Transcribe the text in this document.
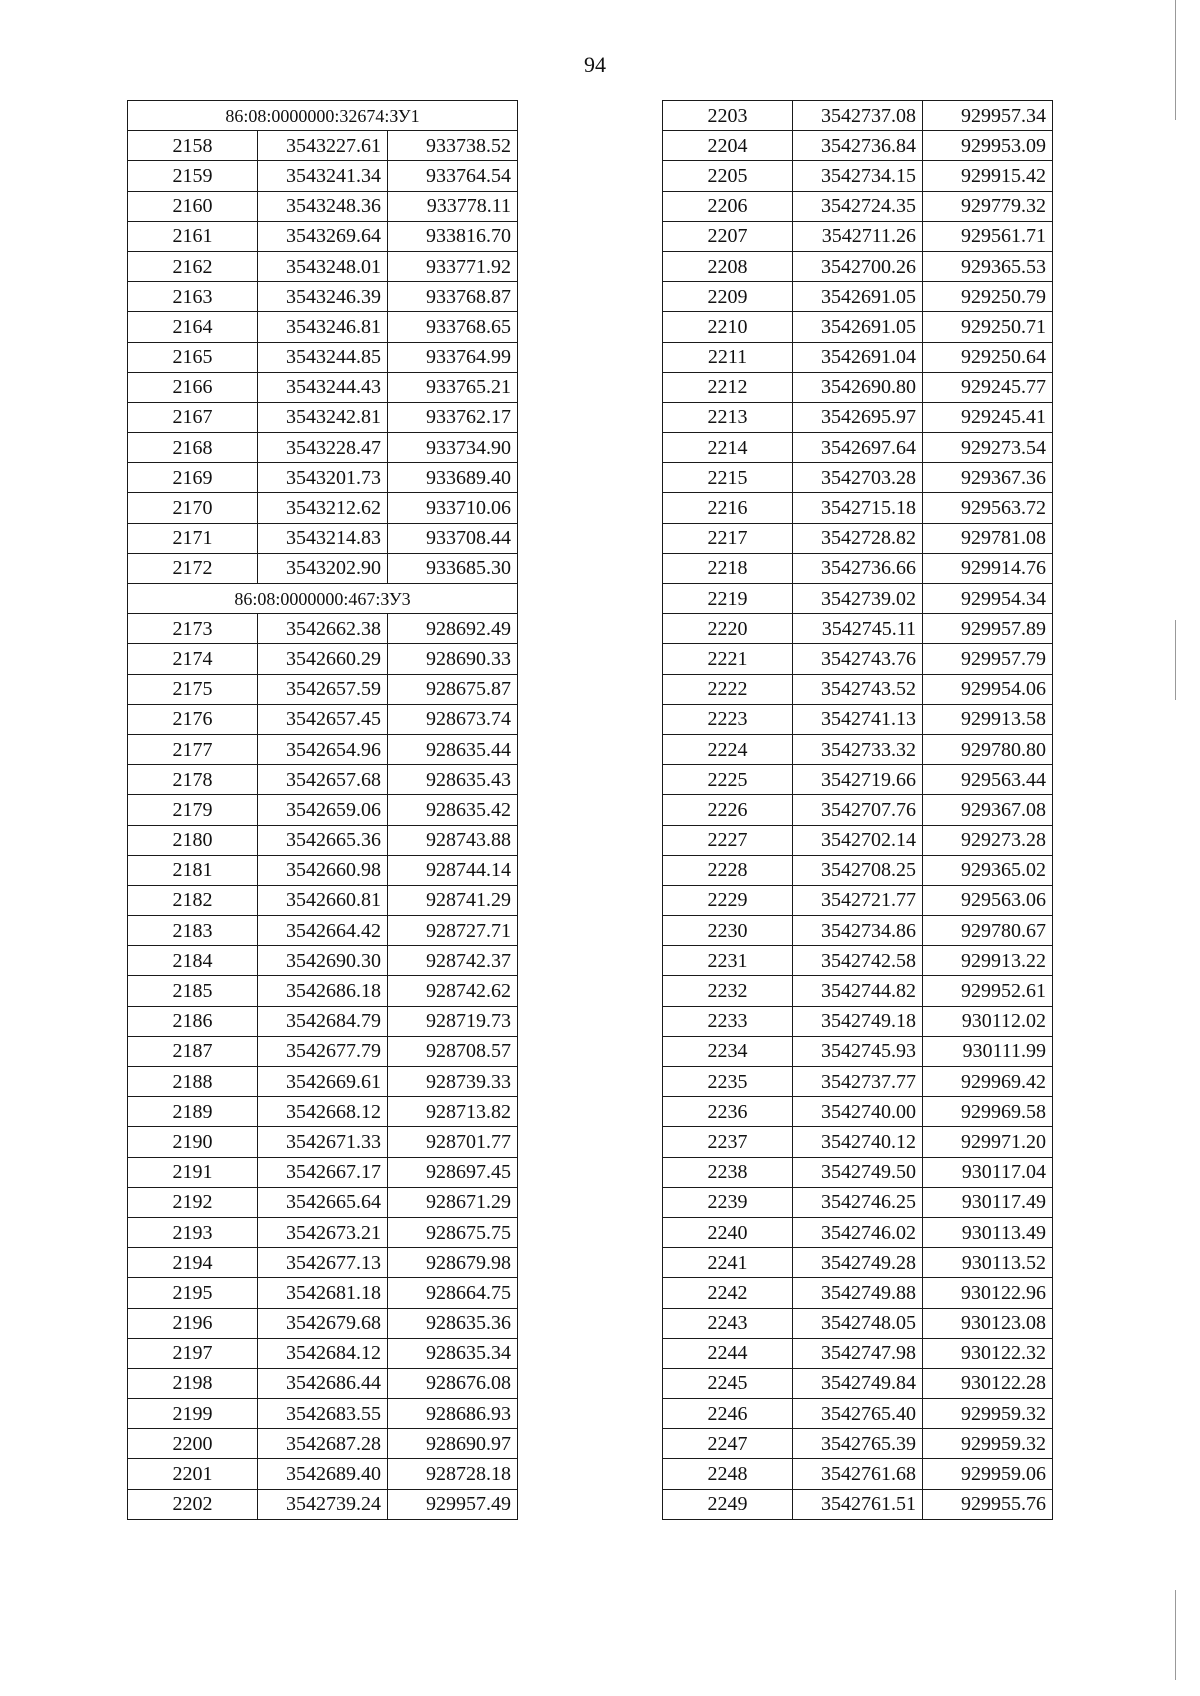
94
86:08:0000000:32674:ЗУ1		
2158	3543227.61	933738.52
2159	3543241.34	933764.54
2160	3543248.36	933778.11
2161	3543269.64	933816.70
2162	3543248.01	933771.92
2163	3543246.39	933768.87
2164	3543246.81	933768.65
2165	3543244.85	933764.99
2166	3543244.43	933765.21
2167	3543242.81	933762.17
2168	3543228.47	933734.90
2169	3543201.73	933689.40
2170	3543212.62	933710.06
2171	3543214.83	933708.44
2172	3543202.90	933685.30
86:08:0000000:467:ЗУ3		
2173	3542662.38	928692.49
2174	3542660.29	928690.33
2175	3542657.59	928675.87
2176	3542657.45	928673.74
2177	3542654.96	928635.44
2178	3542657.68	928635.43
2179	3542659.06	928635.42
2180	3542665.36	928743.88
2181	3542660.98	928744.14
2182	3542660.81	928741.29
2183	3542664.42	928727.71
2184	3542690.30	928742.37
2185	3542686.18	928742.62
2186	3542684.79	928719.73
2187	3542677.79	928708.57
2188	3542669.61	928739.33
2189	3542668.12	928713.82
2190	3542671.33	928701.77
2191	3542667.17	928697.45
2192	3542665.64	928671.29
2193	3542673.21	928675.75
2194	3542677.13	928679.98
2195	3542681.18	928664.75
2196	3542679.68	928635.36
2197	3542684.12	928635.34
2198	3542686.44	928676.08
2199	3542683.55	928686.93
2200	3542687.28	928690.97
2201	3542689.40	928728.18
2202	3542739.24	929957.49
2203	3542737.08	929957.34
2204	3542736.84	929953.09
2205	3542734.15	929915.42
2206	3542724.35	929779.32
2207	3542711.26	929561.71
2208	3542700.26	929365.53
2209	3542691.05	929250.79
2210	3542691.05	929250.71
2211	3542691.04	929250.64
2212	3542690.80	929245.77
2213	3542695.97	929245.41
2214	3542697.64	929273.54
2215	3542703.28	929367.36
2216	3542715.18	929563.72
2217	3542728.82	929781.08
2218	3542736.66	929914.76
2219	3542739.02	929954.34
2220	3542745.11	929957.89
2221	3542743.76	929957.79
2222	3542743.52	929954.06
2223	3542741.13	929913.58
2224	3542733.32	929780.80
2225	3542719.66	929563.44
2226	3542707.76	929367.08
2227	3542702.14	929273.28
2228	3542708.25	929365.02
2229	3542721.77	929563.06
2230	3542734.86	929780.67
2231	3542742.58	929913.22
2232	3542744.82	929952.61
2233	3542749.18	930112.02
2234	3542745.93	930111.99
2235	3542737.77	929969.42
2236	3542740.00	929969.58
2237	3542740.12	929971.20
2238	3542749.50	930117.04
2239	3542746.25	930117.49
2240	3542746.02	930113.49
2241	3542749.28	930113.52
2242	3542749.88	930122.96
2243	3542748.05	930123.08
2244	3542747.98	930122.32
2245	3542749.84	930122.28
2246	3542765.40	929959.32
2247	3542765.39	929959.32
2248	3542761.68	929959.06
2249	3542761.51	929955.76
